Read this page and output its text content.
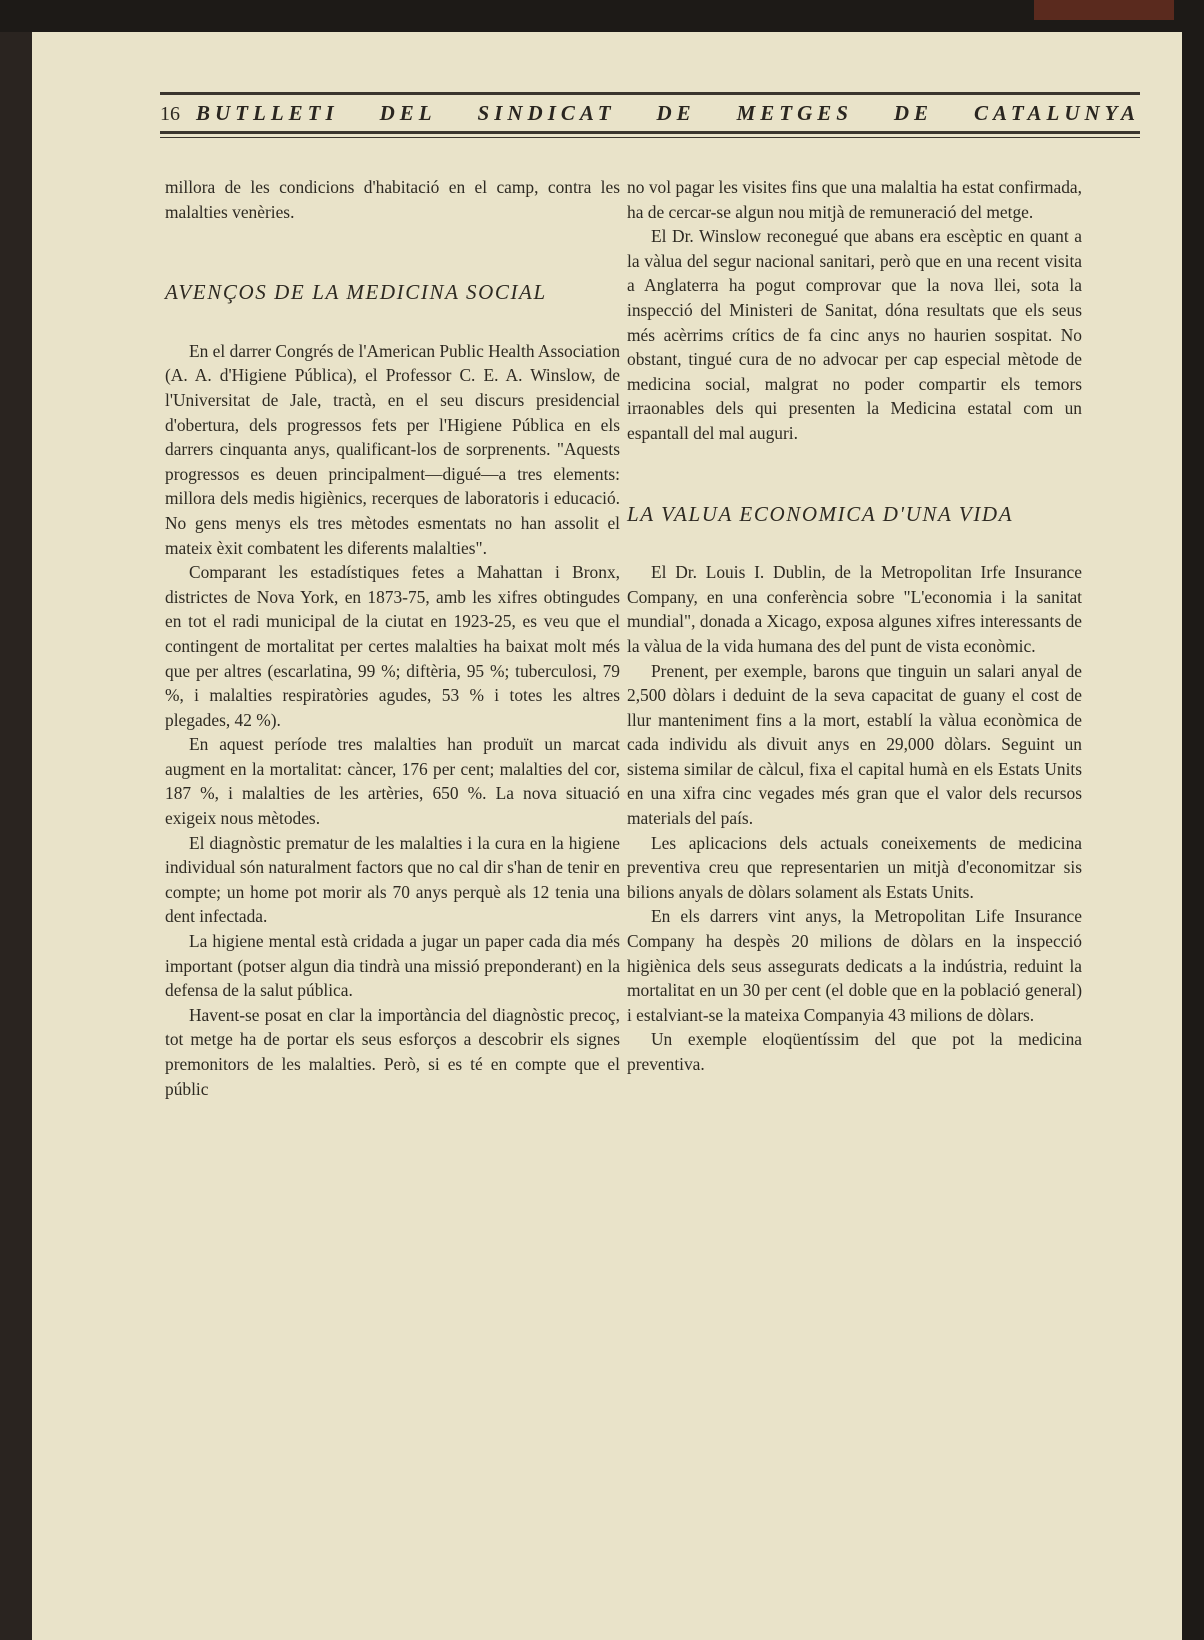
16 BUTLLETI DEL SINDICAT DE METGES DE CATALUNYA

millora de les condicions d'habitació en el camp, contra les malalties venèries.

AVENÇOS DE LA MEDICINA SOCIAL

En el darrer Congrés de l'American Public Health Association (A. A. d'Higiene Pública), el Professor C. E. A. Winslow, de l'Universitat de Jale, tractà, en el seu discurs presidencial d'obertura, dels progressos fets per l'Higiene Pública en els darrers cinquanta anys, qualificant-los de sorprenents. "Aquests progressos es deuen principalment—digué—a tres elements: millora dels medis higiènics, recerques de laboratoris i educació. No gens menys els tres mètodes esmentats no han assolit el mateix èxit combatent les diferents malalties".

Comparant les estadístiques fetes a Mahattan i Bronx, districtes de Nova York, en 1873-75, amb les xifres obtingudes en tot el radi municipal de la ciutat en 1923-25, es veu que el contingent de mortalitat per certes malalties ha baixat molt més que per altres (escarlatina, 99 %; diftèria, 95 %; tuberculosi, 79 %, i malalties respiratòries agudes, 53 % i totes les altres plegades, 42 %).

En aquest període tres malalties han produït un marcat augment en la mortalitat: càncer, 176 per cent; malalties del cor, 187 %, i malalties de les artèries, 650 %. La nova situació exigeix nous mètodes.

El diagnòstic prematur de les malalties i la cura en la higiene individual són naturalment factors que no cal dir s'han de tenir en compte; un home pot morir als 70 anys perquè als 12 tenia una dent infectada.

La higiene mental està cridada a jugar un paper cada dia més important (potser algun dia tindrà una missió preponderant) en la defensa de la salut pública.

Havent-se posat en clar la importància del diagnòstic precoç, tot metge ha de portar els seus esforços a descobrir els signes premonitors de les malalties. Però, si es té en compte que el públic

no vol pagar les visites fins que una malaltia ha estat confirmada, ha de cercar-se algun nou mitjà de remuneració del metge.

El Dr. Winslow reconegué que abans era escèptic en quant a la vàlua del segur nacional sanitari, però que en una recent visita a Anglaterra ha pogut comprovar que la nova llei, sota la inspecció del Ministeri de Sanitat, dóna resultats que els seus més acèrrims crítics de fa cinc anys no haurien sospitat. No obstant, tingué cura de no advocar per cap especial mètode de medicina social, malgrat no poder compartir els temors irraonables dels qui presenten la Medicina estatal com un espantall del mal auguri.

LA VALUA ECONOMICA D'UNA VIDA

El Dr. Louis I. Dublin, de la Metropolitan Irfe Insurance Company, en una conferència sobre "L'economia i la sanitat mundial", donada a Xicago, exposa algunes xifres interessants de la vàlua de la vida humana des del punt de vista econòmic.

Prenent, per exemple, barons que tinguin un salari anyal de 2,500 dòlars i deduint de la seva capacitat de guany el cost de llur manteniment fins a la mort, establí la vàlua econòmica de cada individu als divuit anys en 29,000 dòlars. Seguint un sistema similar de càlcul, fixa el capital humà en els Estats Units en una xifra cinc vegades més gran que el valor dels recursos materials del país.

Les aplicacions dels actuals coneixements de medicina preventiva creu que representarien un mitjà d'economitzar sis bilions anyals de dòlars solament als Estats Units.

En els darrers vint anys, la Metropolitan Life Insurance Company ha despès 20 milions de dòlars en la inspecció higiènica dels seus assegurats dedicats a la indústria, reduint la mortalitat en un 30 per cent (el doble que en la població general) i estalviant-se la mateixa Companyia 43 milions de dòlars.

Un exemple eloqüentíssim del que pot la medicina preventiva.
